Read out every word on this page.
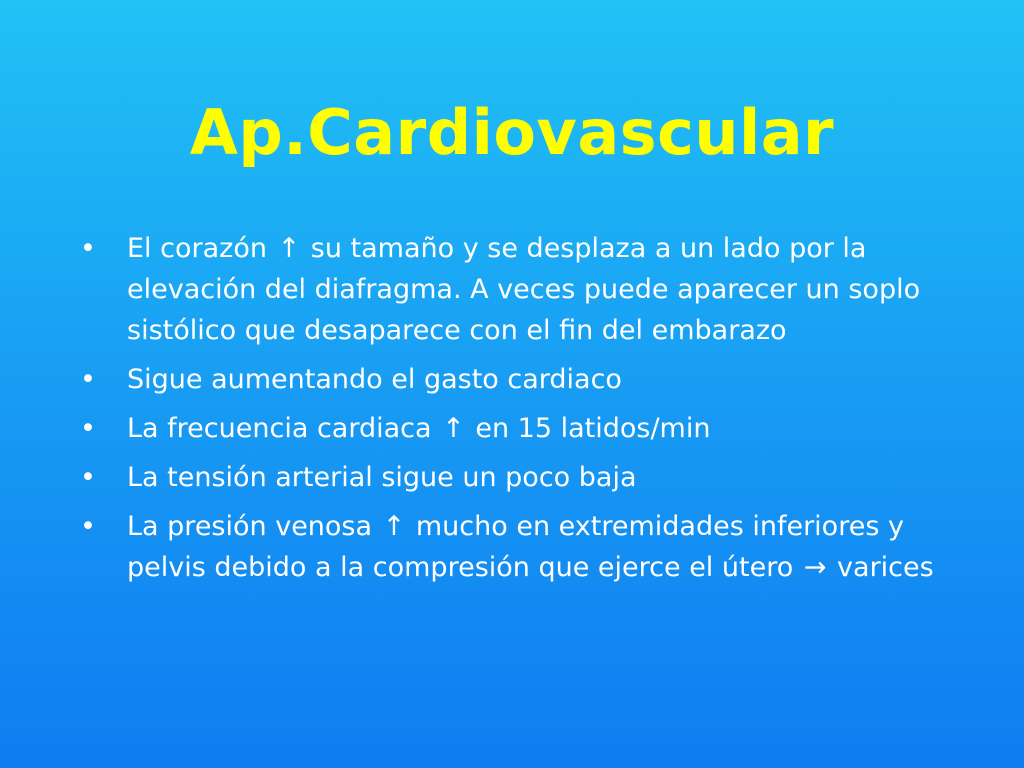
Ap.Cardiovascular
• El corazón ↑ su tamaño y se desplaza a un lado por la elevación del diafragma. A veces puede aparecer un soplo sistólico que desaparece con el fin del embarazo
• Sigue aumentando el gasto cardiaco
• La frecuencia cardiaca ↑ en 15 latidos/min
• La tensión arterial sigue un poco baja
• La presión venosa ↑ mucho en extremidades inferiores y pelvis debido a la compresión que ejerce el útero → varices
